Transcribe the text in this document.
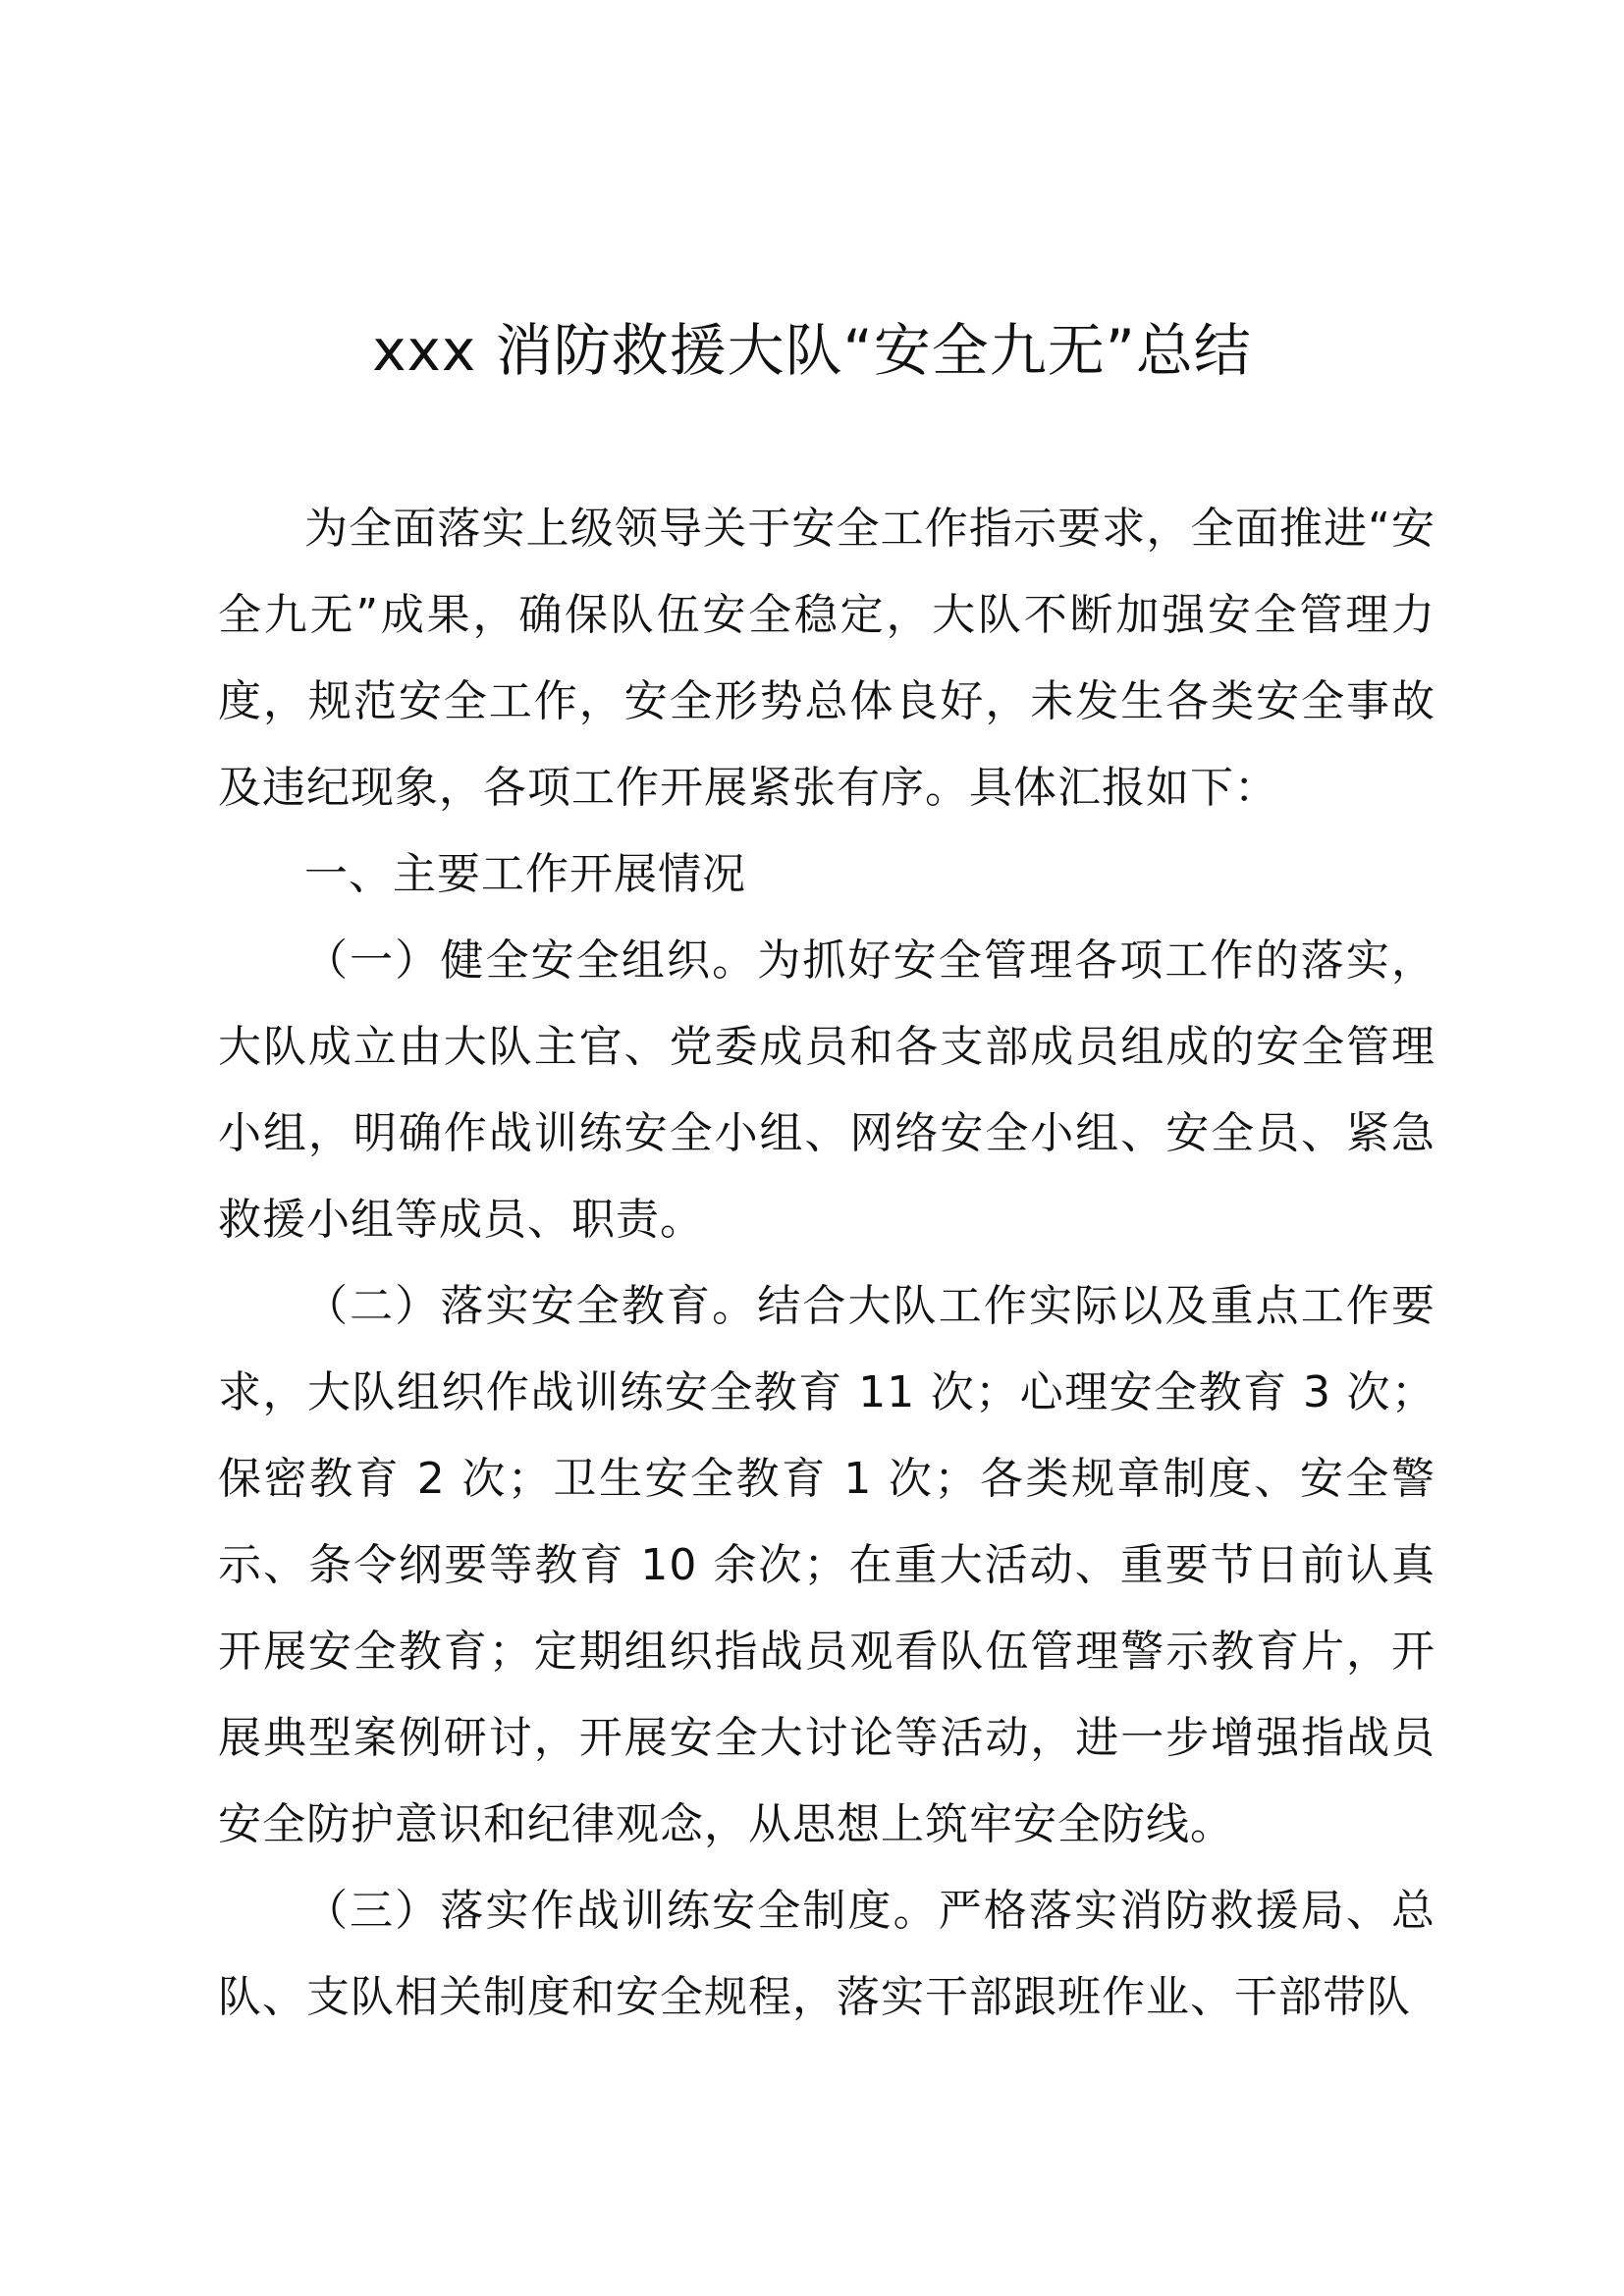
xxx 消防救援大队“安全九无”总结

为全面落实上级领导关于安全工作指示要求，全面推进“安全九无”成果，确保队伍安全稳定，大队不断加强安全管理力度，规范安全工作，安全形势总体良好，未发生各类安全事故及违纪现象，各项工作开展紧张有序。具体汇报如下：

一、主要工作开展情况

（一）健全安全组织。为抓好安全管理各项工作的落实，大队成立由大队主官、党委成员和各支部成员组成的安全管理小组，明确作战训练安全小组、网络安全小组、安全员、紧急救援小组等成员、职责。

（二）落实安全教育。结合大队工作实际以及重点工作要求，大队组织作战训练安全教育 11 次；心理安全教育 3 次；保密教育 2 次；卫生安全教育 1 次；各类规章制度、安全警示、条令纲要等教育 10 余次；在重大活动、重要节日前认真开展安全教育；定期组织指战员观看队伍管理警示教育片，开展典型案例研讨，开展安全大讨论等活动，进一步增强指战员安全防护意识和纪律观念，从思想上筑牢安全防线。

（三）落实作战训练安全制度。严格落实消防救援局、总队、支队相关制度和安全规程，落实干部跟班作业、干部带队
